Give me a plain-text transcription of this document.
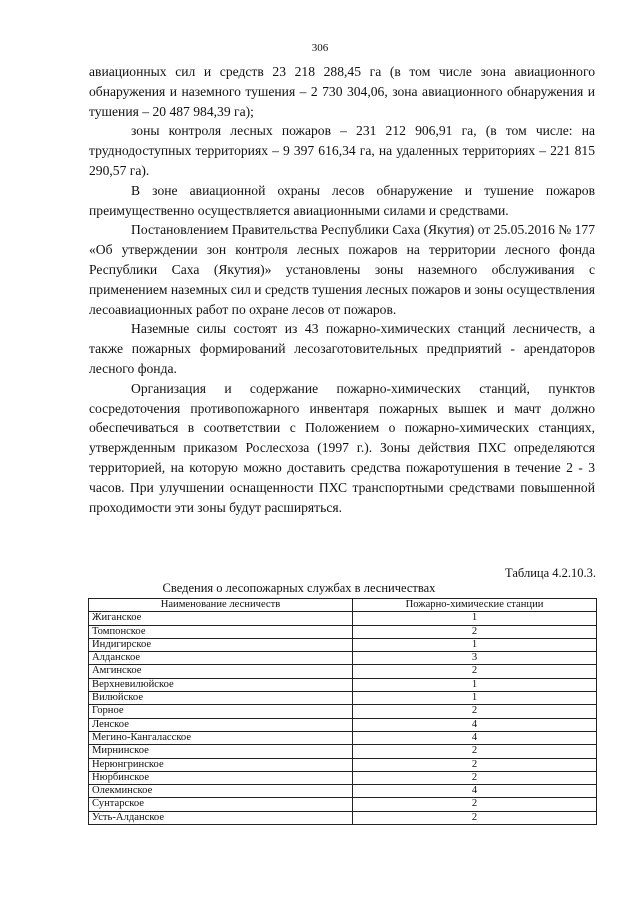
306

авиационных сил и средств 23 218 288,45 га (в том числе зона авиационного обнаружения и наземного тушения – 2 730 304,06, зона авиационного обнаружения и тушения – 20 487 984,39 га);

зоны контроля лесных пожаров – 231 212 906,91 га, (в том числе: на труднодоступных территориях – 9 397 616,34 га, на удаленных территориях – 221 815 290,57 га).

В зоне авиационной охраны лесов обнаружение и тушение пожаров преимущественно осуществляется авиационными силами и средствами.

Постановлением Правительства Республики Саха (Якутия) от 25.05.2016 № 177 «Об утверждении зон контроля лесных пожаров на территории лесного фонда Республики Саха (Якутия)» установлены зоны наземного обслуживания с применением наземных сил и средств тушения лесных пожаров и зоны осуществления лесоавиационных работ по охране лесов от пожаров.

Наземные силы состоят из 43 пожарно-химических станций лесничеств, а также пожарных формирований лесозаготовительных предприятий - арендаторов лесного фонда.

Организация и содержание пожарно-химических станций, пунктов сосредоточения противопожарного инвентаря пожарных вышек и мачт должно обеспечиваться в соответствии с Положением о пожарно-химических станциях, утвержденным приказом Рослесхоза (1997 г.). Зоны действия ПХС определяются территорией, на которую можно доставить средства пожаротушения в течение 2 - 3 часов. При улучшении оснащенности ПХС транспортными средствами повышенной проходимости эти зоны будут расширяться.

Таблица 4.2.10.3.
Сведения о лесопожарных службах в лесничествах
Наименование лесничеств	Пожарно-химические станции
Жиганское	1
Томпонское	2
Индигирское	1
Алданское	3
Амгинское	2
Верхневилюйское	1
Вилюйское	1
Горное	2
Ленское	4
Мегино-Кангаласское	4
Мирнинское	2
Нерюнгринское	2
Нюрбинское	2
Олекминское	4
Сунтарское	2
Усть-Алданское	2
